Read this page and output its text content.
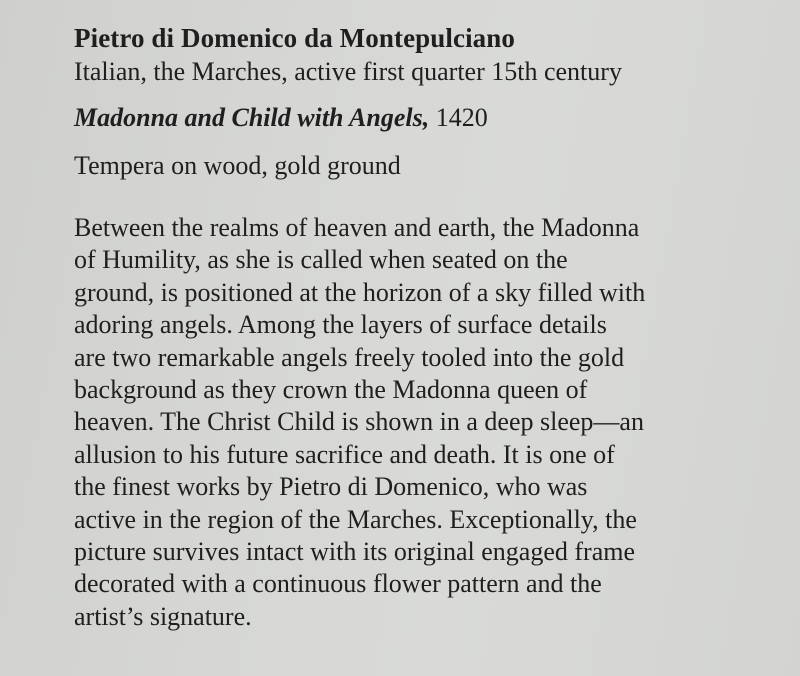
Pietro di Domenico da Montepulciano

Italian, the Marches, active first quarter 15th century

Madonna and Child with Angels, 1420

Tempera on wood, gold ground

Between the realms of heaven and earth, the Madonna
of Humility, as she is called when seated on the
ground, is positioned at the horizon of a sky filled with
adoring angels. Among the layers of surface details
are two remarkable angels freely tooled into the gold
background as they crown the Madonna queen of
heaven. The Christ Child is shown in a deep sleep—an
allusion to his future sacrifice and death. It is one of
the finest works by Pietro di Domenico, who was
active in the region of the Marches. Exceptionally, the
picture survives intact with its original engaged frame
decorated with a continuous flower pattern and the
artist’s signature.
